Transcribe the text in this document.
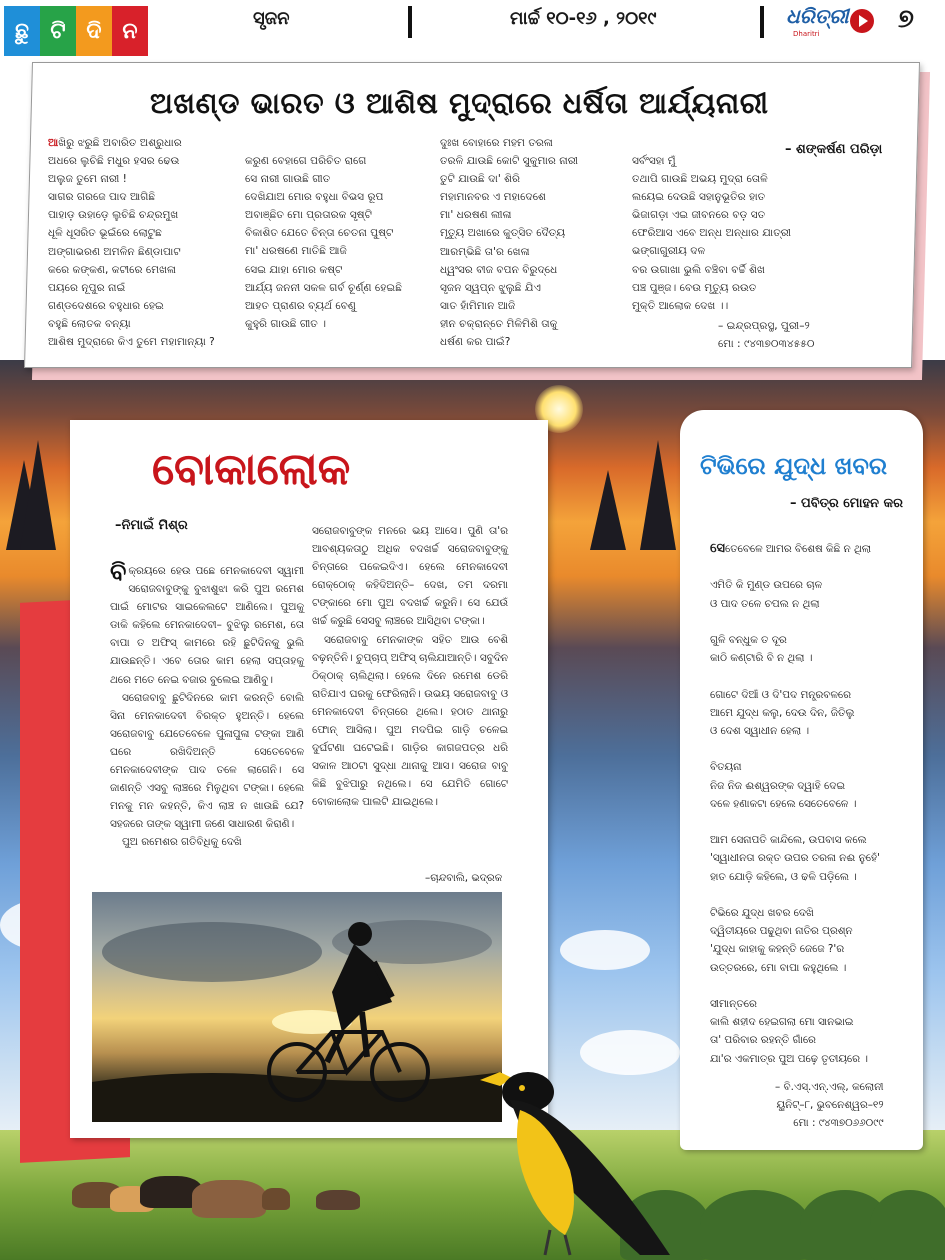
ଛୁ ଟି ଦି ନ	ସୃଜନ	ମାର୍ଚ୍ଚ ୧୦-୧୬ , ୨୦୧୯	ଧରିତ୍ରୀ
Dharitri	୭
ଅଖଣ୍ଡ ଭାରତ ଓ ଆଶିଷ ମୁଦ୍ରାରେ ଧର୍ଷିତା ଆର୍ଯ୍ୟନାରୀ
– ଶଙ୍କର୍ଷଣ ପରିଡ଼ା
ଆଖିରୁ ଝରୁଛି ଅବାରିତ ଅଶ୍ରୁଧାର
ଅଧରେ ଲୁଚିଛି ମଧୁର ହସର ଢେଉ
ଅଲୁଜ ତୁମେ ନାରୀ !
ସାଗର ଗରଜେ ପାଦ ଆଗିଛି
ପାହାଡ଼ ଉହାଡ଼େ ଲୁଚିଛି ଚନ୍ଦ୍ରମୁଖ
ଧୂଳି ଧୂସରିତ ଭୂଇଁରେ ଲୋଟୁଛ
ଅଙ୍ଗାଭରଣ ଅମଳିନ ଛିଣ୍ଡାପାଟ
କରେ କଙ୍କଣ, କଟୀରେ ମେଖଳା
ପୟରେ ନୂପୁର ନାଇଁ
ଗଣ୍ଡଦେଶରେ ବହୁଧାର ହେଇ
ବହୁଛି ଲୋତକ ବନ୍ୟା
ଆଶିଷ ମୁଦ୍ରାରେ କିଏ ତୁମେ ମହାମାନ୍ୟା ?
କରୁଣ ବେହାଗେ ପରିଚିତ ରାଗେ
ସେ ନାରୀ ଗାଉଛି ଗୀତ
ଦେଖିଯାଅ ମୋର ବହୁଧା ବିଭସ ରୂପ
ଅବାଞ୍ଛିତ ମୋ ପ୍ରତାରକ ସୃଷ୍ଟି
ବିକାଶିତ ଯେତେ ଚିନ୍ତା ଚେତନା ପୁଷ୍ଟ
ମା' ଧରଷଣେ ମାତିଛି ଆଜି
ସେଇ ଯାହା ମୋର କଷ୍ଟ
ଆର୍ଯ୍ୟ ଜନନୀ ସକଳ ଗର୍ବ ଚୂର୍ଣ୍ଣ ହେଇଛି
ଆହତ ପ୍ରାଣର ବ୍ୟର୍ଥ ବେଣୁ
କୁହୁରି ଗାଉଛି ଗୀତ ।
ଦୁଃଖ ବୋହାରେ ମହମ ତରଳା
ତରଳି ଯାଉଛି କୋଟି ସୁକୁମାର ନାରୀ
ତୁଟି ଯାଉଛି ଦା' ଶିରି
ମହାମାନବର ଏ ମହାଦେଶେ
ମା' ଧରଷଣ ଲୀଳା
ମୃତ୍ୟୁ ଅଖାରେ କୁତ୍ସିତ ଦୈତ୍ୟ
ଆରମ୍ଭିଛି ତା'ର ଖେଳା
ଧ୍ୱଂସର ବୀଜ ବପନ ବିରୁଦ୍ଧେ
ସୃଜନ ସ୍ୱପ୍ନ ଝୁଲୁଛି ଯିଏ
ସାତ ହାଁମିମାନ ଆଜି
ହୀନ ଚକ୍ରାନ୍ତେ ମିଳିମିଶି ତାକୁ
ଧର୍ଷଣ କର ପାଇଁ?
ସର୍ବଂସହା ମୁଁ
ତଥାପି ଗାଉଛି ଅଭୟ ମୁଦ୍ରା ତୋଳି
ଲୟେଇ ଦେଉଛି ସହାନୁଭୂତିର ହାତ
ଭିଜାଗଡ଼ା ଏଇ ଜୀବନରେ ବଡ଼ ସତ
ଫେରିଆସ ଏବେ ଅନ୍ଧ ଅନ୍ଧାର ଯାତ୍ରୀ
ଭଙ୍ଗାଗୁରୀୟ ଦଳ
ବର ଉଗାଖା ଭୁଲି ବଞ୍ଚିବା ବର୍ଚ୍ଚି ଶିଖ
ପଞ୍ଚ ପୁଞ୍ଜ। ବେଉ ମୃତ୍ୟୁ ରଉତ
ମୁକ୍ତି ଆଲୋକ ଦେଖ ।।
– ଇନ୍ଦ୍ରପ୍ରସ୍ଥ, ପୁରୀ–୨
ମୋ : ୯୪୩୭୦୩୪୫୫୦
ବୋକାଲୋକ
–ନିମାଇଁ ମିଶ୍ର

ବିକ୍ରୟରେ ହେଉ ପଛେ ମେନକାଦେବୀ ସ୍ୱାମୀ ସରୋଜବାବୁଙ୍କୁ ବୁଝାଶୁଝା କରି ପୁଅ ରମେଶ ପାଇଁ ମୋଟର ସାଇକେଲଟେ ଆଣିଲେ। ପୁଅକୁ ଡାକି କହିଲେ ମେନକାଦେବୀ– ବୁଝିଲୁ ରମେଶ, ତୋ ବାପା ତ ଅଫିସ୍ କାମରେ ରହି ଛୁଟିଦିନକୁ ଭୁଲି ଯାଉଛନ୍ତି। ଏବେ ତୋର କାମ ହେଲା ସପ୍ତାହକୁ ଥରେ ମତେ ନେଇ ବଜାର ବୁଲେଇ ଆଣିବୁ।

ସରୋଜବାବୁ ଛୁଟିଦିନରେ କାମ କରନ୍ତି ବୋଲି ସିନା ମେନକାଦେବୀ ବିରକ୍ତ ହୁଅନ୍ତି। ହେଲେ ସରୋଜବାବୁ ଯେତେବେଳେ ପୁଳାପୁଳା ଟଙ୍କା ଆଣି ଘରେ ରଖିଦିଅନ୍ତି ସେତେବେଳେ ମେନକାଦେବୀଙ୍କ ପାଦ ତଳେ ଲାଗେନି। ସେ ଜାଣନ୍ତି ଏସବୁ ଲାଞ୍ଚରେ ମିଳୁଥିବା ଟଙ୍କା। ହେଲେ ମନକୁ ମନ କହନ୍ତି, କିଏ ଲାଞ୍ଚ ନ ଖାଉଛି ଯେ? ସହଜରେ ତାଙ୍କ ସ୍ୱାମୀ ଜଣେ ସାଧାରଣ କିରାଣି।

ପୁଅ ରମେଶର ଗତିବିଧିକୁ ଦେଖି

ସରୋଜବାବୁଙ୍କ ମନରେ ଭୟ ଆସେ। ପୁଣି ତା'ର ଆବଶ୍ୟକତାଠୁ ଅଧିକ ବଦଖର୍ଚ୍ଚ ସରୋଜବାବୁଙ୍କୁ ଚିନ୍ତାରେ ପକେଇଦିଏ। ହେଲେ ମେନକାଦେବୀ ରୋକ୍‌ଠୋକ୍ କହିଦିଅନ୍ତି– ଦେଖ, ତମ ଦରମା ଟଙ୍କାରେ ମୋ ପୁଅ ବଦଖର୍ଚ୍ଚ କରୁନି। ସେ ଯେଉଁ ଖର୍ଚ୍ଚ କରୁଛି ସେସବୁ ଲାଞ୍ଚରେ ଆସିଥିବା ଟଙ୍କା।

ସରୋଜବାବୁ ମେନକାଙ୍କ ସହିତ ଆଉ ବେଶି ବଢ଼ନ୍ତିନି। ଚୁପ୍‌ଚାପ୍ ଅଫିସ୍ ଚାଲିଯାଆନ୍ତି। ସବୁଦିନ ଠିକ୍‌ଠାକ୍ ଚାଲିଥିଲା। ହେଲେ ଦିନେ ରମେଶ ଡେରି ରାତିଯାଏ ଘରକୁ ଫେରିଲାନି। ଉଭୟ ସରୋଜବାବୁ ଓ ମେନକାଦେବୀ ଚିନ୍ତାରେ ଥିଲେ। ହଠାତ ଥାନାରୁ ଫୋନ୍ ଆସିଲା। ପୁଅ ମଦପିଇ ଗାଡ଼ି ଚଳେଇ ଦୁର୍ଘଟଣା ଘଟେଇଛି। ଗାଡ଼ିର କାଗଜପତ୍ର ଧରି ସକାଳ ଆଠଟା ସୁଦ୍ଧା ଥାନାକୁ ଆସ। ସରୋଜ ବାବୁ କିଛି ବୁଝିପାରୁ ନଥିଲେ। ସେ ଯେମିତି ଗୋଟେ ବୋକାଲୋକ ପାଲଟି ଯାଇଥିଲେ।

–ଚାନ୍ଦବାଲି, ଭଦ୍ରକ
ଟିଭିରେ ଯୁଦ୍ଧ ଖବର
– ପବିତ୍ର ମୋହନ କର
ସେତେବେଳେ ଆମର ବିଶେଷ କିଛି ନ ଥିଲା

ଏମିତି କି ମୁଣ୍ଡ ଉପରେ ଚାଳ
ଓ ପାଦ ତଳେ ଚପଲ ନ ଥିଲା

ଗୁଳି ବନ୍ଧୁକ ତ ଦୂର
କାଠି କଣ୍ଟାରି ବି ନ ଥିଲା ।

ଗୋଟେ ଦିଆଁ ଓ ଦି'ପଦ ମନ୍ତ୍ରବଳରେ
ଆମେ ଯୁଦ୍ଧ କଲୁ, ଦେଉ ଦିନ, ଜିତିଲୁ
ଓ ଦେଶ ସ୍ୱାଧୀନ ହେଲା ।

ବିତୟନା
ନିଜ ନିଜ ଈଶ୍ୱରଙ୍କ ଦ୍ୱାହି ଦେଇ
ଦଳେ ହଣାକଟା ହେଲେ ସେତେବେଳେ ।

ଆମ ସେନାପତି କାନ୍ଦିଲେ, ଉପବାସ କଲେ
'ସ୍ୱାଧୀନତା ରକ୍ତ ଉପର ତରଳା ନଈ ନୁହେଁ'
ହାତ ଯୋଡ଼ି କହିଲେ, ଓ ଢଳି ପଡ଼ିଲେ ।

ଟିଭିରେ ଯୁଦ୍ଧ ଖବର ଦେଖି
ଦ୍ୱିତୀୟରେ ପଢୁଥିବା ନାତିର ପ୍ରଶ୍ନ
'ଯୁଦ୍ଧ କାହାକୁ କହନ୍ତି ଜେଜେ ?'ର
ଉତ୍ତରରେ, ମୋ ବାପା କହୁଥିଲେ ।

ସୀମାନ୍ତରେ
କାଲି ଶହୀଦ ହେଇଗଲା ମୋ ସାନଭାଇ
ତା' ପରିବାର ରହନ୍ତି ଗାଁରେ
ଯା'ର ଏକମାତ୍ର ପୁଅ ପଢ଼େ ତୃତୀୟରେ ।
– ବି.ଏସ୍.ଏନ୍.ଏଲ୍, କଲୋନୀ
ୟୁନିଟ୍–୮, ଭୁବନେଶ୍ୱର–୧୨
ମୋ : ୯୪୩୭୦୬୬୦୯୯
